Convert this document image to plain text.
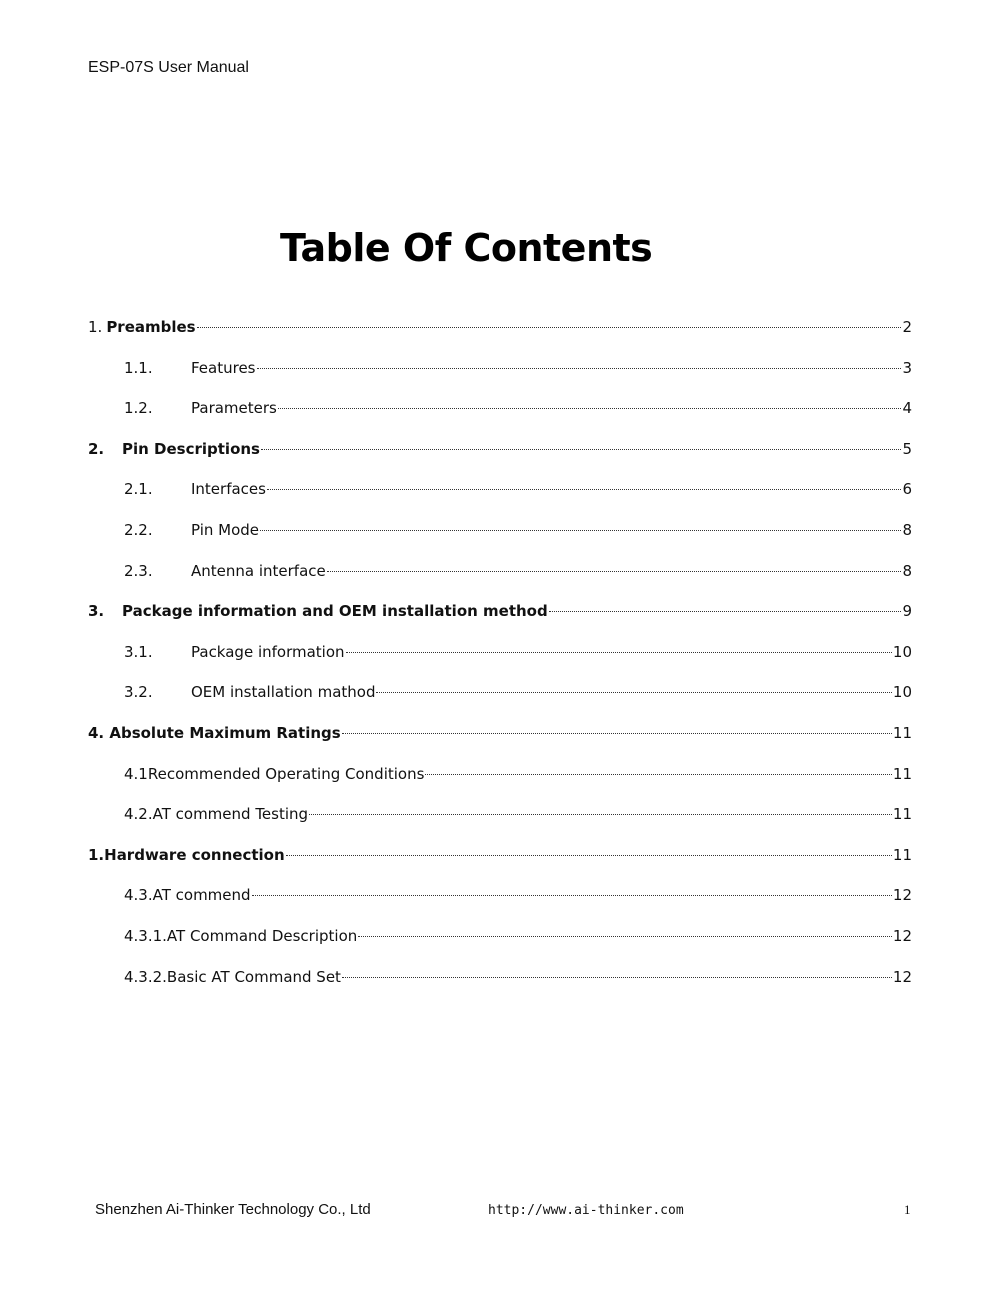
ESP-07S User Manual
Table Of Contents
1. Preambles	2
1.1.	Features	3
1.2.	Parameters	4
2.	Pin Descriptions	5
2.1.	Interfaces	6
2.2.	Pin Mode	8
2.3.	Antenna interface	8
3.	Package information and OEM installation method	9
3.1.	Package information	10
3.2.	OEM installation mathod	10
4. Absolute Maximum Ratings	11
4.1Recommended Operating Conditions	11
4.2.AT commend Testing	11
1.Hardware connection	11
4.3.AT commend	12
4.3.1.AT Command Description	12
4.3.2.Basic AT Command Set	12
Shenzhen Ai-Thinker Technology Co., Ltd	http://www.ai-thinker.com	1
